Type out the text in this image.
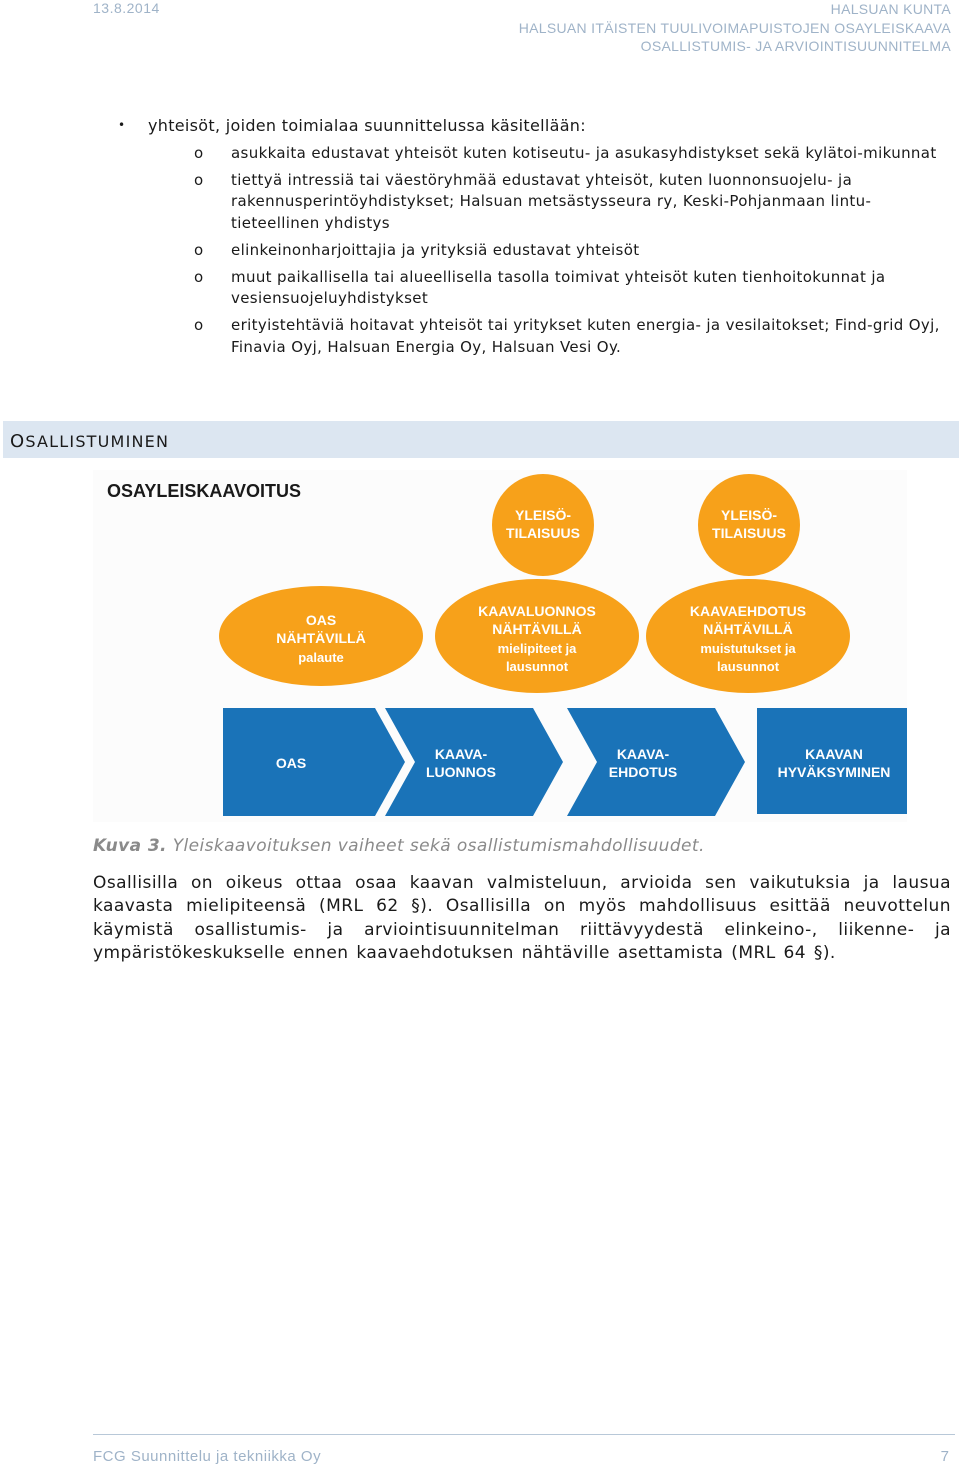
13.8.2014	HALSUAN KUNTA
HALSUAN ITÄISTEN TUULIVOIMAPUISTOJEN OSAYLEISKAAVA
OSALLISTUMIS- JA ARVIOINTISUUNNITELMA
•	yhteisöt, joiden toimialaa suunnittelussa käsitellään:
o	asukkaita edustavat yhteisöt kuten kotiseutu- ja asukasyhdistykset sekä kylätoi-mikunnat
o	tiettyä intressiä tai väestöryhmää edustavat yhteisöt, kuten luonnonsuojelu- ja rakennusperintöyhdistykset; Halsuan metsästysseura ry, Keski-Pohjanmaan lintu-tieteellinen yhdistys
o	elinkeinonharjoittajia ja yrityksiä edustavat yhteisöt
o	muut paikallisella tai alueellisella tasolla toimivat yhteisöt kuten tienhoitokunnat ja vesiensuojeluyhdistykset
o	erityistehtäviä hoitavat yhteisöt tai yritykset kuten energia- ja vesilaitokset; Find-grid Oyj, Finavia Oyj, Halsuan Energia Oy, Halsuan Vesi Oy.
OSALLISTUMINEN
OSAYLEISKAAVOITUS
YLEISÖ-
TILAISUUS
YLEISÖ-
TILAISUUS
OAS
NÄHTÄVILLÄ
palaute
KAAVALUONNOS
NÄHTÄVILLÄ
mielipiteet ja
lausunnot
KAAVAEHDOTUS
NÄHTÄVILLÄ
muistutukset ja
lausunnot
OAS
KAAVA-
LUONNOS
KAAVA-
EHDOTUS
KAAVAN
HYVÄKSYMINEN
Kuva 3. Yleiskaavoituksen vaiheet sekä osallistumismahdollisuudet.
Osallisilla on oikeus ottaa osaa kaavan valmisteluun, arvioida sen vaikutuksia ja lausua kaavasta mielipiteensä (MRL 62 §). Osallisilla on myös mahdollisuus esittää neuvottelun käymistä osallistumis- ja arviointisuunnitelman riittävyydestä elinkeino-, liikenne- ja ympäristökeskukselle ennen kaavaehdotuksen nähtäville asettamista (MRL 64 §).
FCG Suunnittelu ja tekniikka Oy	7
